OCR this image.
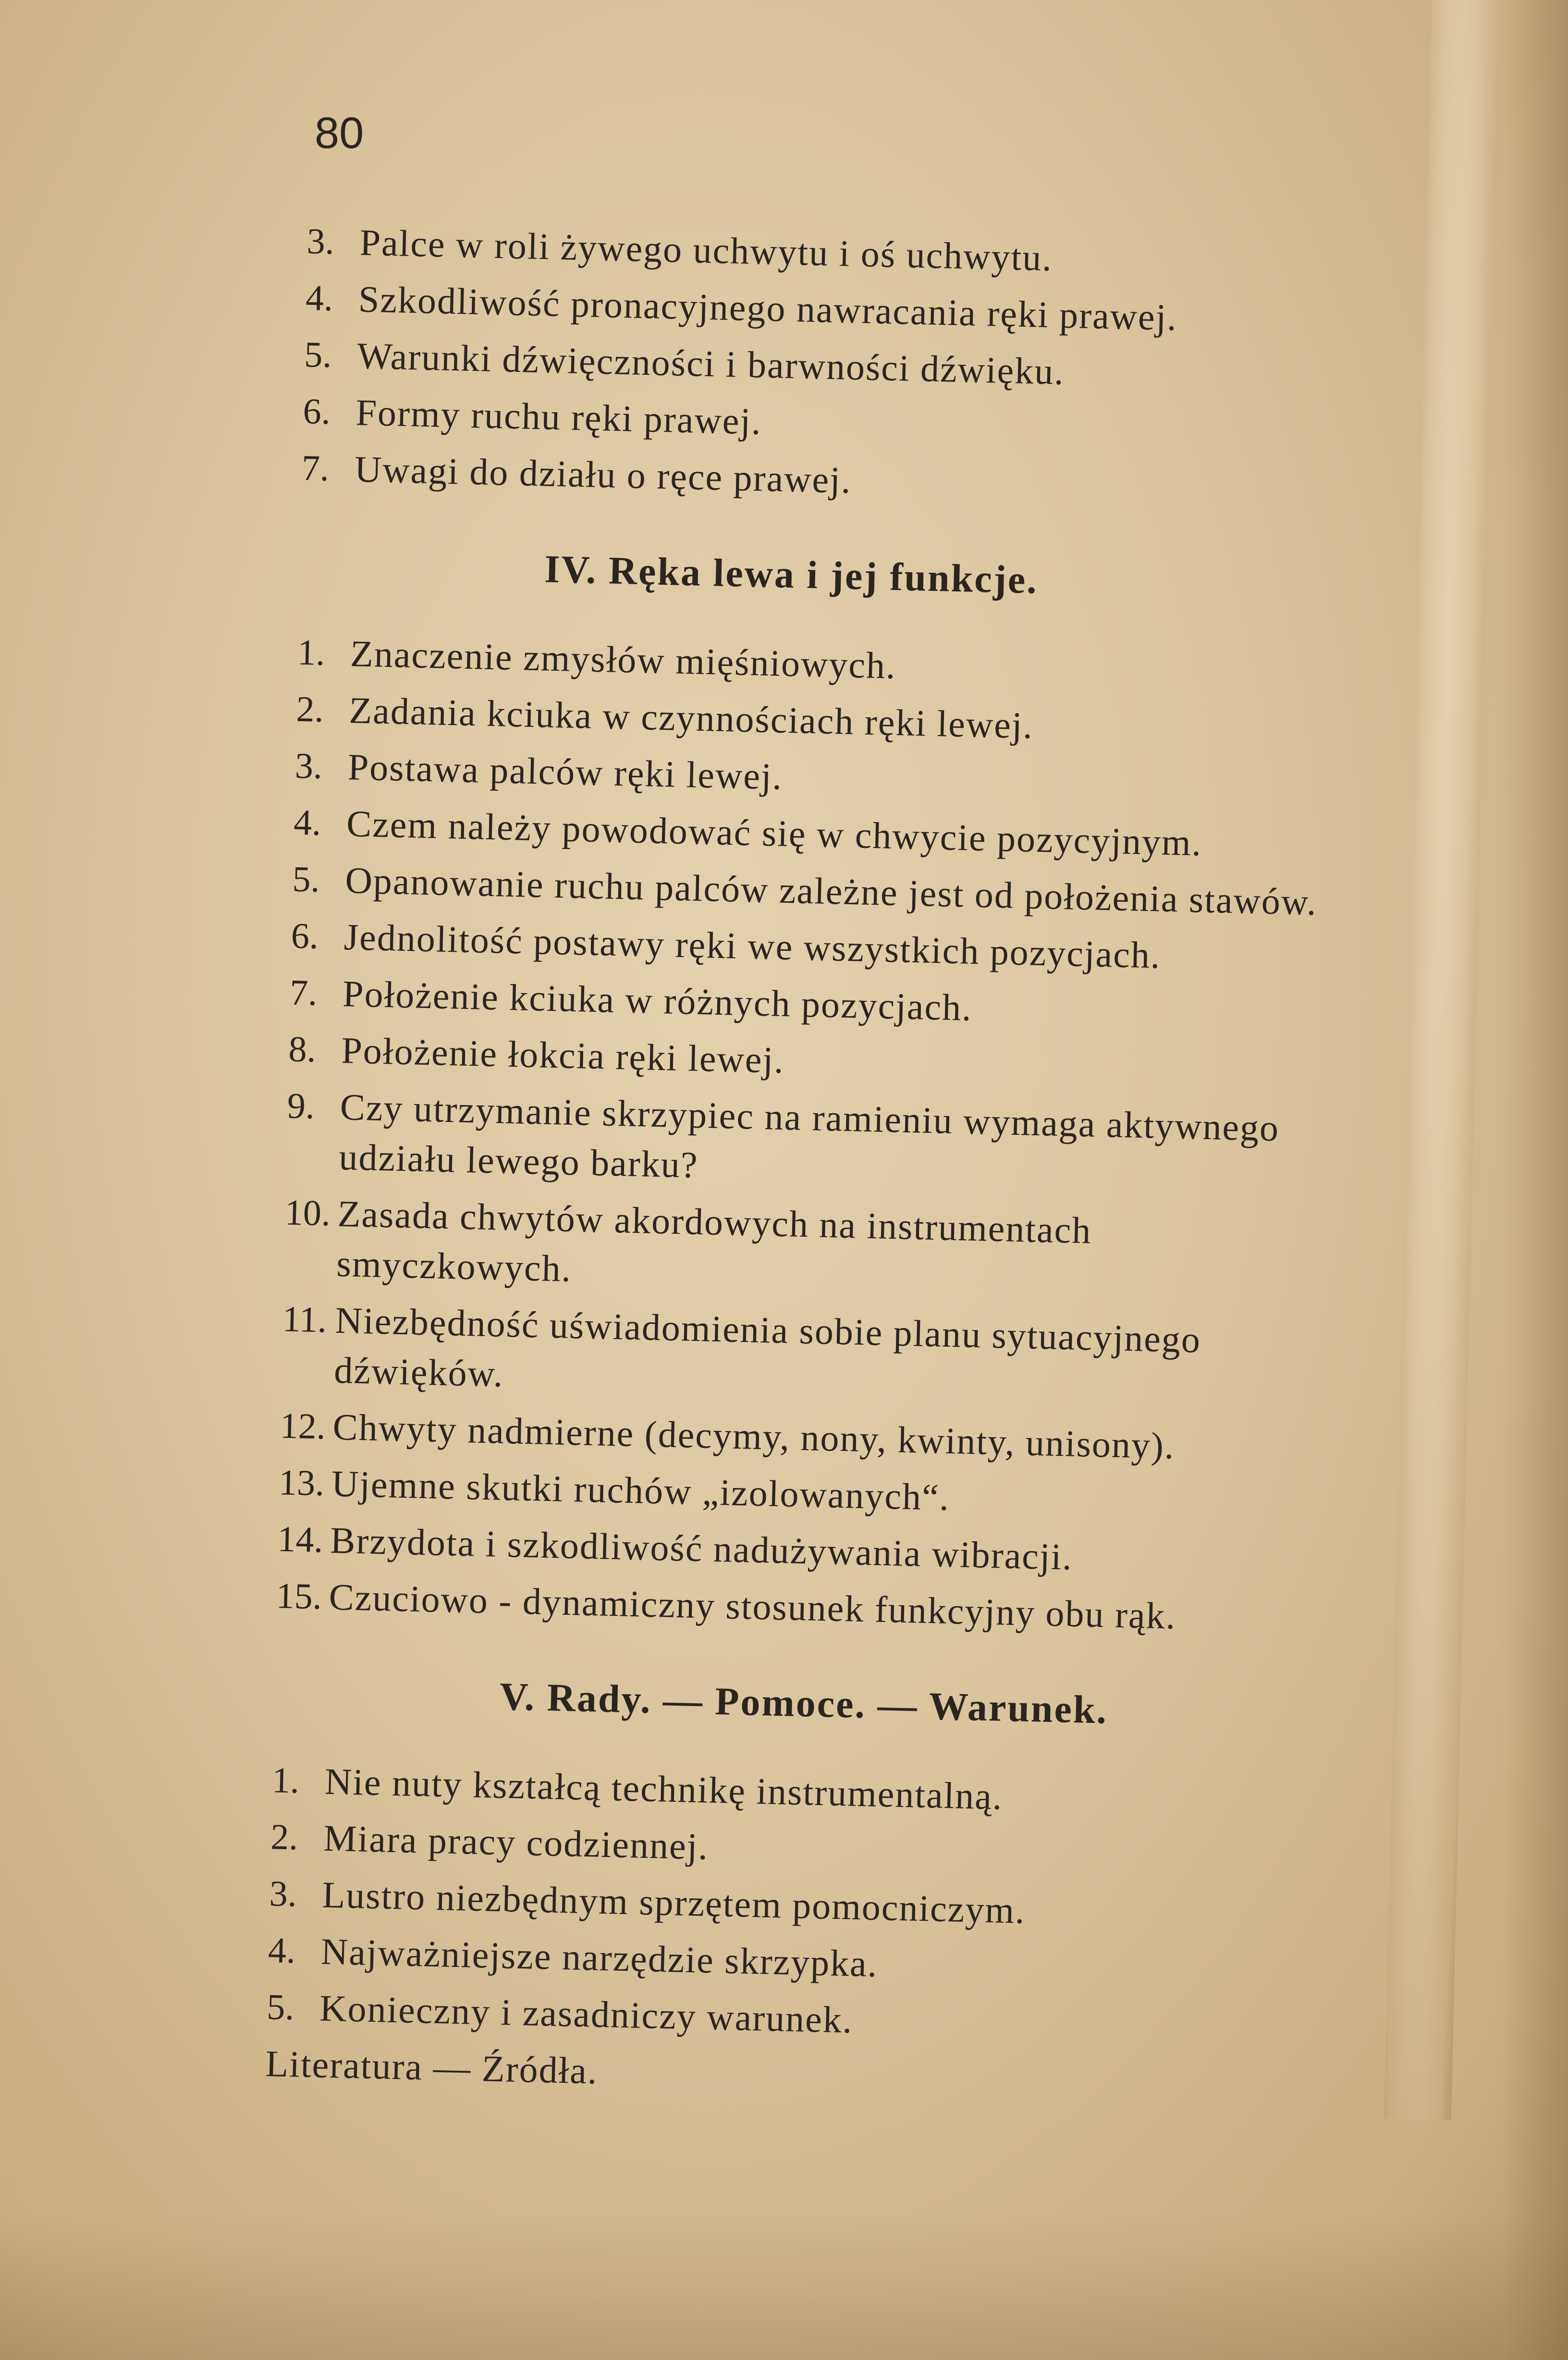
80
3. Palce w roli żywego uchwytu i oś uchwytu.
4. Szkodliwość pronacyjnego nawracania ręki prawej.
5. Warunki dźwięczności i barwności dźwięku.
6. Formy ruchu ręki prawej.
7. Uwagi do działu o ręce prawej.
IV. Ręka lewa i jej funkcje.
1. Znaczenie zmysłów mięśniowych.
2. Zadania kciuka w czynnościach ręki lewej.
3. Postawa palców ręki lewej.
4. Czem należy powodować się w chwycie pozycyjnym.
5. Opanowanie ruchu palców zależne jest od położenia stawów.
6. Jednolitość postawy ręki we wszystkich pozycjach.
7. Położenie kciuka w różnych pozycjach.
8. Położenie łokcia ręki lewej.
9. Czy utrzymanie skrzypiec na ramieniu wymaga aktywnego udziału lewego barku?
10. Zasada chwytów akordowych na instrumentach smyczkowych.
11. Niezbędność uświadomienia sobie planu sytuacyjnego dźwięków.
12. Chwyty nadmierne (decymy, nony, kwinty, unisony).
13. Ujemne skutki ruchów „izolowanych“.
14. Brzydota i szkodliwość nadużywania wibracji.
15. Czuciowo - dynamiczny stosunek funkcyjny obu rąk.
V. Rady. — Pomoce. — Warunek.
1. Nie nuty kształcą technikę instrumentalną.
2. Miara pracy codziennej.
3. Lustro niezbędnym sprzętem pomocniczym.
4. Najważniejsze narzędzie skrzypka.
5. Konieczny i zasadniczy warunek.
Literatura — Źródła.
